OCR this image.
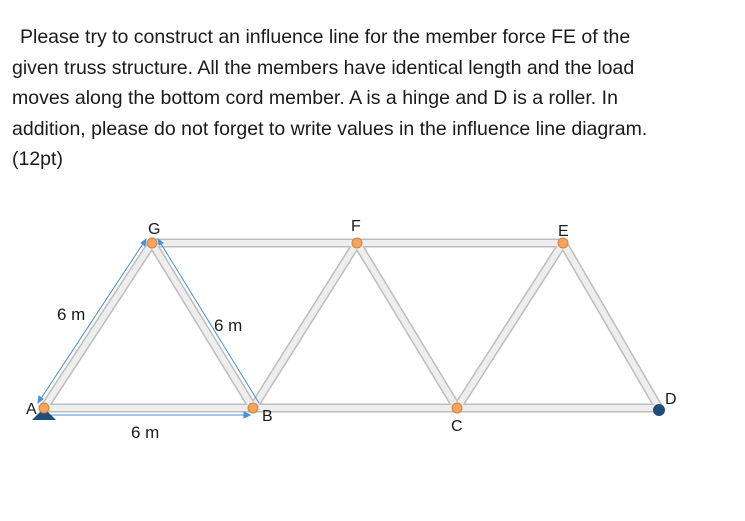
Please try to construct an influence line for the member force FE of the
given truss structure. All the members have identical length and the load
moves along the bottom cord member. A is a hinge and D is a roller. In
addition, please do not forget to write values in the influence line diagram.
(12pt)
G	F	E
A	B
C
D
6 m
6 m
6 m
